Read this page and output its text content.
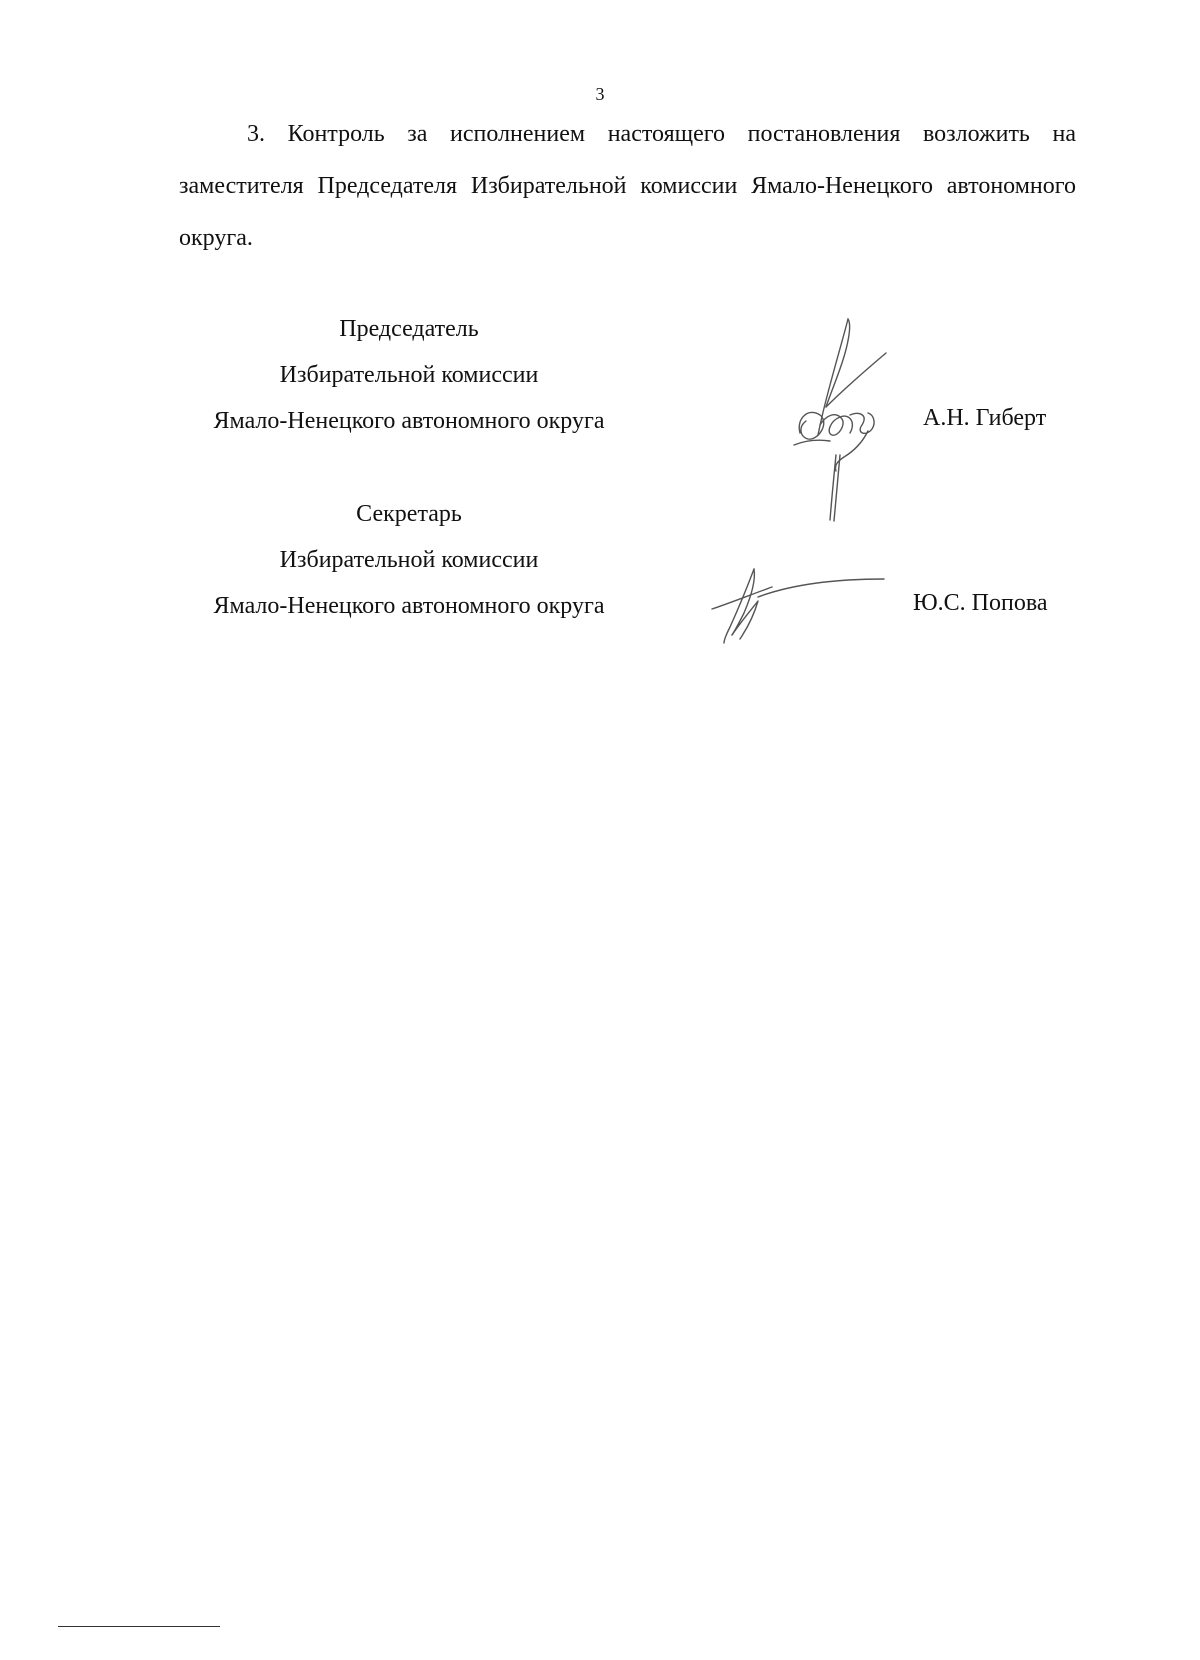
3

3. Контроль за исполнением настоящего постановления возложить на заместителя Председателя Избирательной комиссии Ямало-Ненецкого автономного округа.

Председатель
Избирательной комиссии
Ямало-Ненецкого автономного округа	А.Н. Гиберт
Секретарь
Избирательной комиссии
Ямало-Ненецкого автономного округа	Ю.С. Попова
